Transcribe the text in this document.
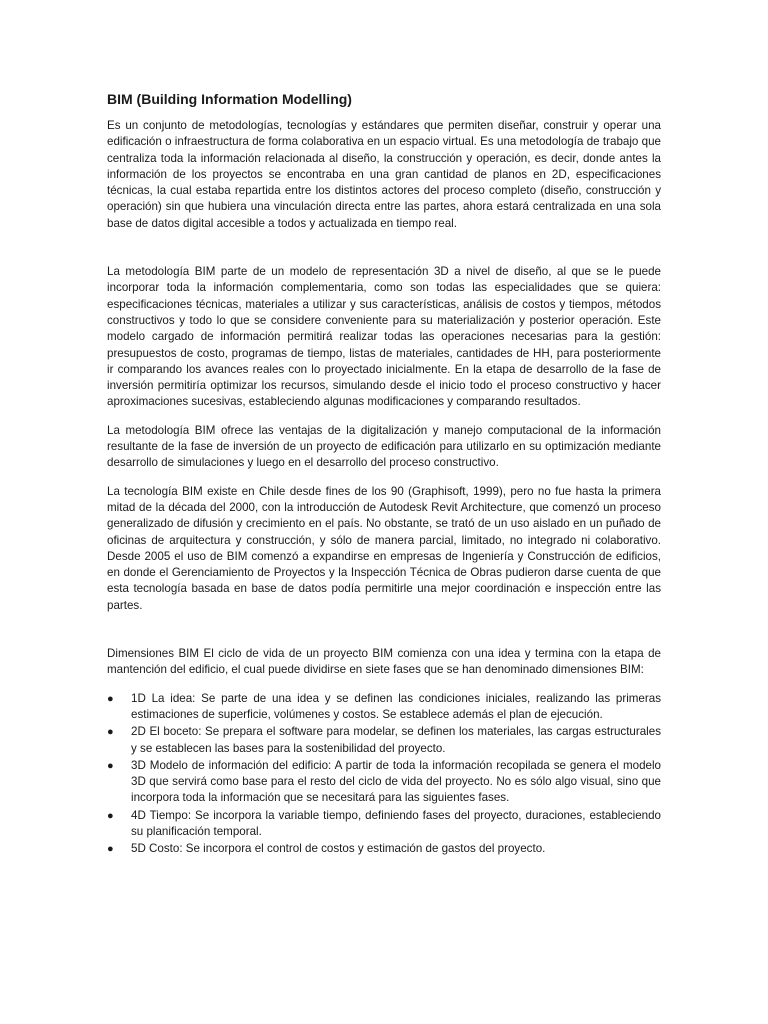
BIM (Building Information Modelling)

Es un conjunto de metodologías, tecnologías y estándares que permiten diseñar, construir y operar una edificación o infraestructura de forma colaborativa en un espacio virtual. Es una metodología de trabajo que centraliza toda la información relacionada al diseño, la construcción y operación, es decir, donde antes la información de los proyectos se encontraba en una gran cantidad de planos en 2D, especificaciones técnicas, la cual estaba repartida entre los distintos actores del proceso completo (diseño, construcción y operación) sin que hubiera una vinculación directa entre las partes, ahora estará centralizada en una sola base de datos digital accesible a todos y actualizada en tiempo real.

La metodología BIM parte de un modelo de representación 3D a nivel de diseño, al que se le puede incorporar toda la información complementaria, como son todas las especialidades que se quiera: especificaciones técnicas, materiales a utilizar y sus características, análisis de costos y tiempos, métodos constructivos y todo lo que se considere conveniente para su materialización y posterior operación. Este modelo cargado de información permitirá realizar todas las operaciones necesarias para la gestión: presupuestos de costo, programas de tiempo, listas de materiales, cantidades de HH, para posteriormente ir comparando los avances reales con lo proyectado inicialmente. En la etapa de desarrollo de la fase de inversión permitiría optimizar los recursos, simulando desde el inicio todo el proceso constructivo y hacer aproximaciones sucesivas, estableciendo algunas modificaciones y comparando resultados.

La metodología BIM ofrece las ventajas de la digitalización y manejo computacional de la información resultante de la fase de inversión de un proyecto de edificación para utilizarlo en su optimización mediante desarrollo de simulaciones y luego en el desarrollo del proceso constructivo.

La tecnología BIM existe en Chile desde fines de los 90 (Graphisoft, 1999), pero no fue hasta la primera mitad de la década del 2000, con la introducción de Autodesk Revit Architecture, que comenzó un proceso generalizado de difusión y crecimiento en el país. No obstante, se trató de un uso aislado en un puñado de oficinas de arquitectura y construcción, y sólo de manera parcial, limitado, no integrado ni colaborativo. Desde 2005 el uso de BIM comenzó a expandirse en empresas de Ingeniería y Construcción de edificios, en donde el Gerenciamiento de Proyectos y la Inspección Técnica de Obras pudieron darse cuenta de que esta tecnología basada en base de datos podía permitirle una mejor coordinación e inspección entre las partes.

Dimensiones BIM El ciclo de vida de un proyecto BIM comienza con una idea y termina con la etapa de mantención del edificio, el cual puede dividirse en siete fases que se han denominado dimensiones BIM:

● 1D La idea: Se parte de una idea y se definen las condiciones iniciales, realizando las primeras estimaciones de superficie, volúmenes y costos. Se establece además el plan de ejecución.
● 2D El boceto: Se prepara el software para modelar, se definen los materiales, las cargas estructurales y se establecen las bases para la sostenibilidad del proyecto.
● 3D Modelo de información del edificio: A partir de toda la información recopilada se genera el modelo 3D que servirá como base para el resto del ciclo de vida del proyecto. No es sólo algo visual, sino que incorpora toda la información que se necesitará para las siguientes fases.
● 4D Tiempo: Se incorpora la variable tiempo, definiendo fases del proyecto, duraciones, estableciendo su planificación temporal.
● 5D Costo: Se incorpora el control de costos y estimación de gastos del proyecto.
